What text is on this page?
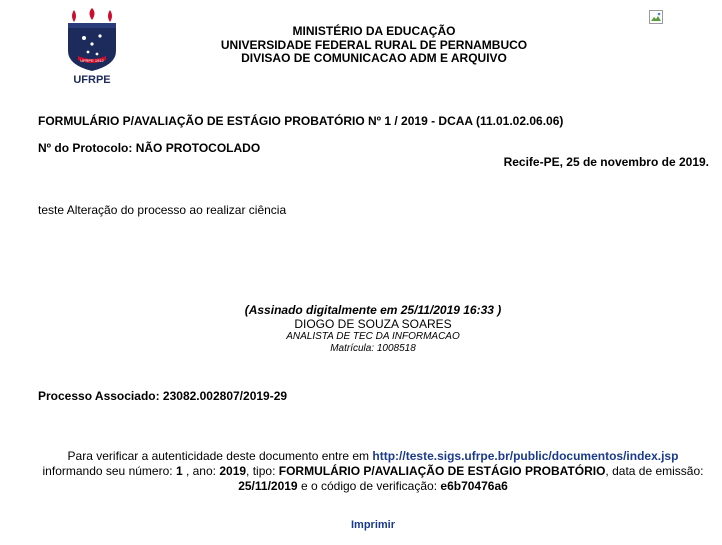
UFRPE 1912
UFRPE
MINISTÉRIO DA EDUCAÇÃO
UNIVERSIDADE FEDERAL RURAL DE PERNAMBUCO
DIVISAO DE COMUNICACAO ADM E ARQUIVO
FORMULÁRIO P/AVALIAÇÃO DE ESTÁGIO PROBATÓRIO Nº 1 / 2019 - DCAA (11.01.02.06.06)
Nº do Protocolo: NÃO PROTOCOLADO
Recife-PE, 25 de novembro de 2019.
teste Alteração do processo ao realizar ciência
(Assinado digitalmente em 25/11/2019 16:33 )
DIOGO DE SOUZA SOARES
ANALISTA DE TEC DA INFORMACAO
Matrícula: 1008518
Processo Associado: 23082.002807/2019-29
Para verificar a autenticidade deste documento entre em http://teste.sigs.ufrpe.br/public/documentos/index.jsp
informando seu número: 1 , ano: 2019, tipo: FORMULÁRIO P/AVALIAÇÃO DE ESTÁGIO PROBATÓRIO, data de emissão:
25/11/2019 e o código de verificação: e6b70476a6
Imprimir
